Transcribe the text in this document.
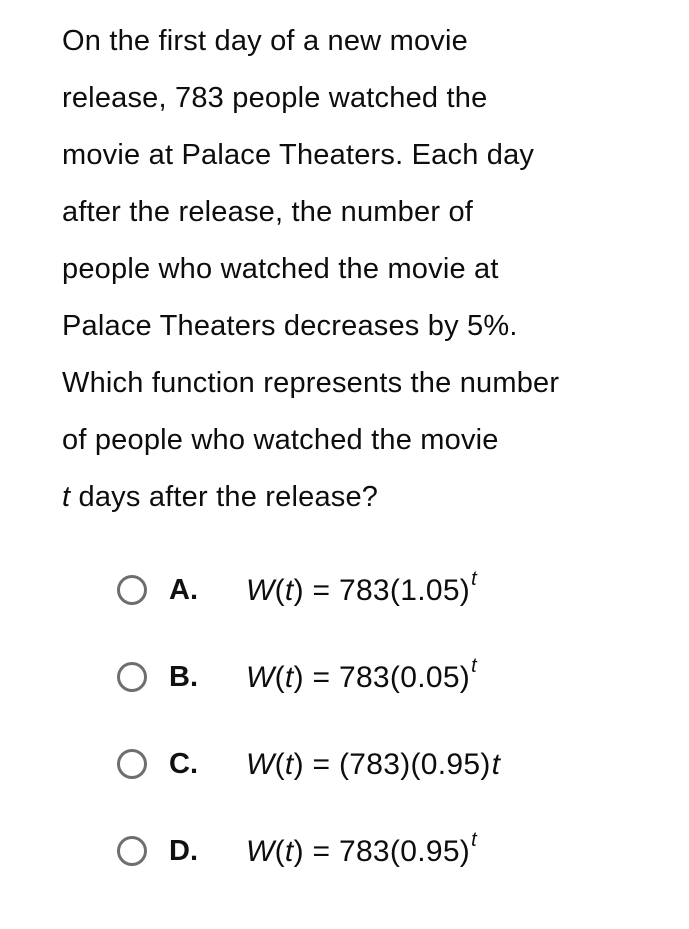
On the first day of a new movie
release, 783 people watched the
movie at Palace Theaters. Each day
after the release, the number of
people who watched the movie at
Palace Theaters decreases by 5%.
Which function represents the number
of people who watched the movie
t days after the release?
A.	$W(t) = 783(1.05)^t$
B.	$W(t) = 783(0.05)^t$
C.	W(t) = (783)(0.95)t
D.	$W(t) = 783(0.95)^t$
